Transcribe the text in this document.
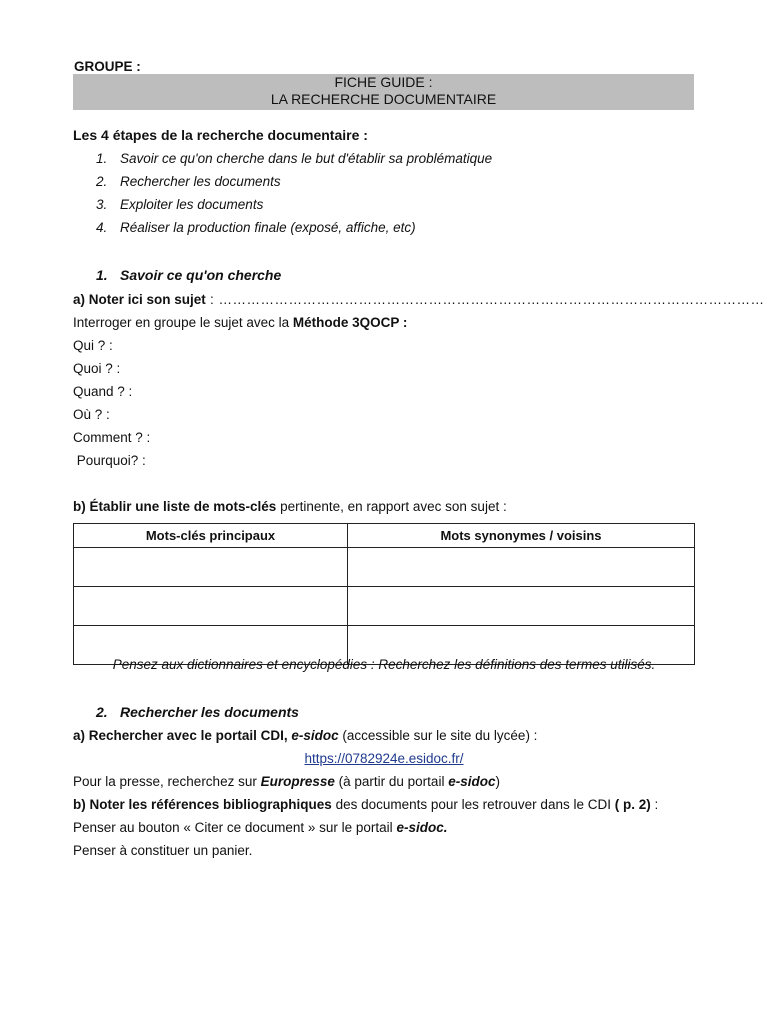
GROUPE :
FICHE GUIDE :
LA RECHERCHE DOCUMENTAIRE
Les 4 étapes de la recherche documentaire :
1. Savoir ce qu'on cherche dans le but d'établir sa problématique
2. Rechercher les documents
3. Exploiter les documents
4. Réaliser la production finale (exposé, affiche, etc)
1. Savoir ce qu'on cherche
a) Noter ici son sujet : ………………………………………………………………………………………………………
Interroger en groupe le sujet avec la Méthode 3QOCP :
Qui ? :
Quoi ? :
Quand ? :
Où ? :
Comment ? :
Pourquoi? :
b) Établir une liste de mots-clés pertinente, en rapport avec son sujet :
Mots-clés principaux	Mots synonymes / voisins

Pensez aux dictionnaires et encyclopédies : Recherchez les définitions des termes utilisés.
2. Rechercher les documents
a) Rechercher avec le portail CDI, e-sidoc (accessible sur le site du lycée) :
https://0782924e.esidoc.fr/
Pour la presse, recherchez sur Europresse (à partir du portail e-sidoc)
b) Noter les références bibliographiques des documents pour les retrouver dans le CDI ( p. 2) :
Penser au bouton « Citer ce document » sur le portail e-sidoc.
Penser à constituer un panier.
